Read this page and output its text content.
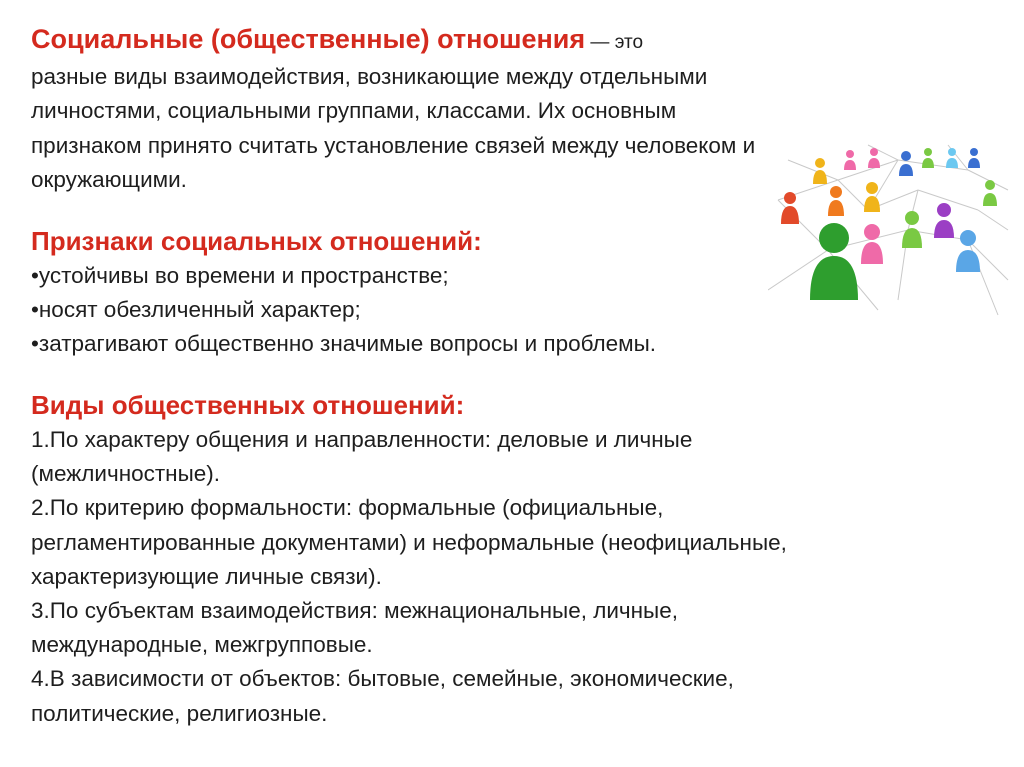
Социальные (общественные) отношения — это
разные виды взаимодействия, возникающие между отдельными
личностями, социальными группами, классами. Их основным
признаком принято считать установление связей между человеком и
окружающими.
Признаки социальных отношений:
•устойчивы во времени и пространстве;
•носят обезличенный характер;
•затрагивают общественно значимые вопросы и проблемы.
Виды общественных отношений:
1.По характеру общения и направленности: деловые и личные
(межличностные).
2.По критерию формальности: формальные (официальные,
регламентированные документами) и неформальные (неофициальные,
характеризующие личные связи).
3.По субъектам взаимодействия: межнациональные, личные,
международные, межгрупповые.
4.В зависимости от объектов: бытовые, семейные, экономические,
политические, религиозные.
